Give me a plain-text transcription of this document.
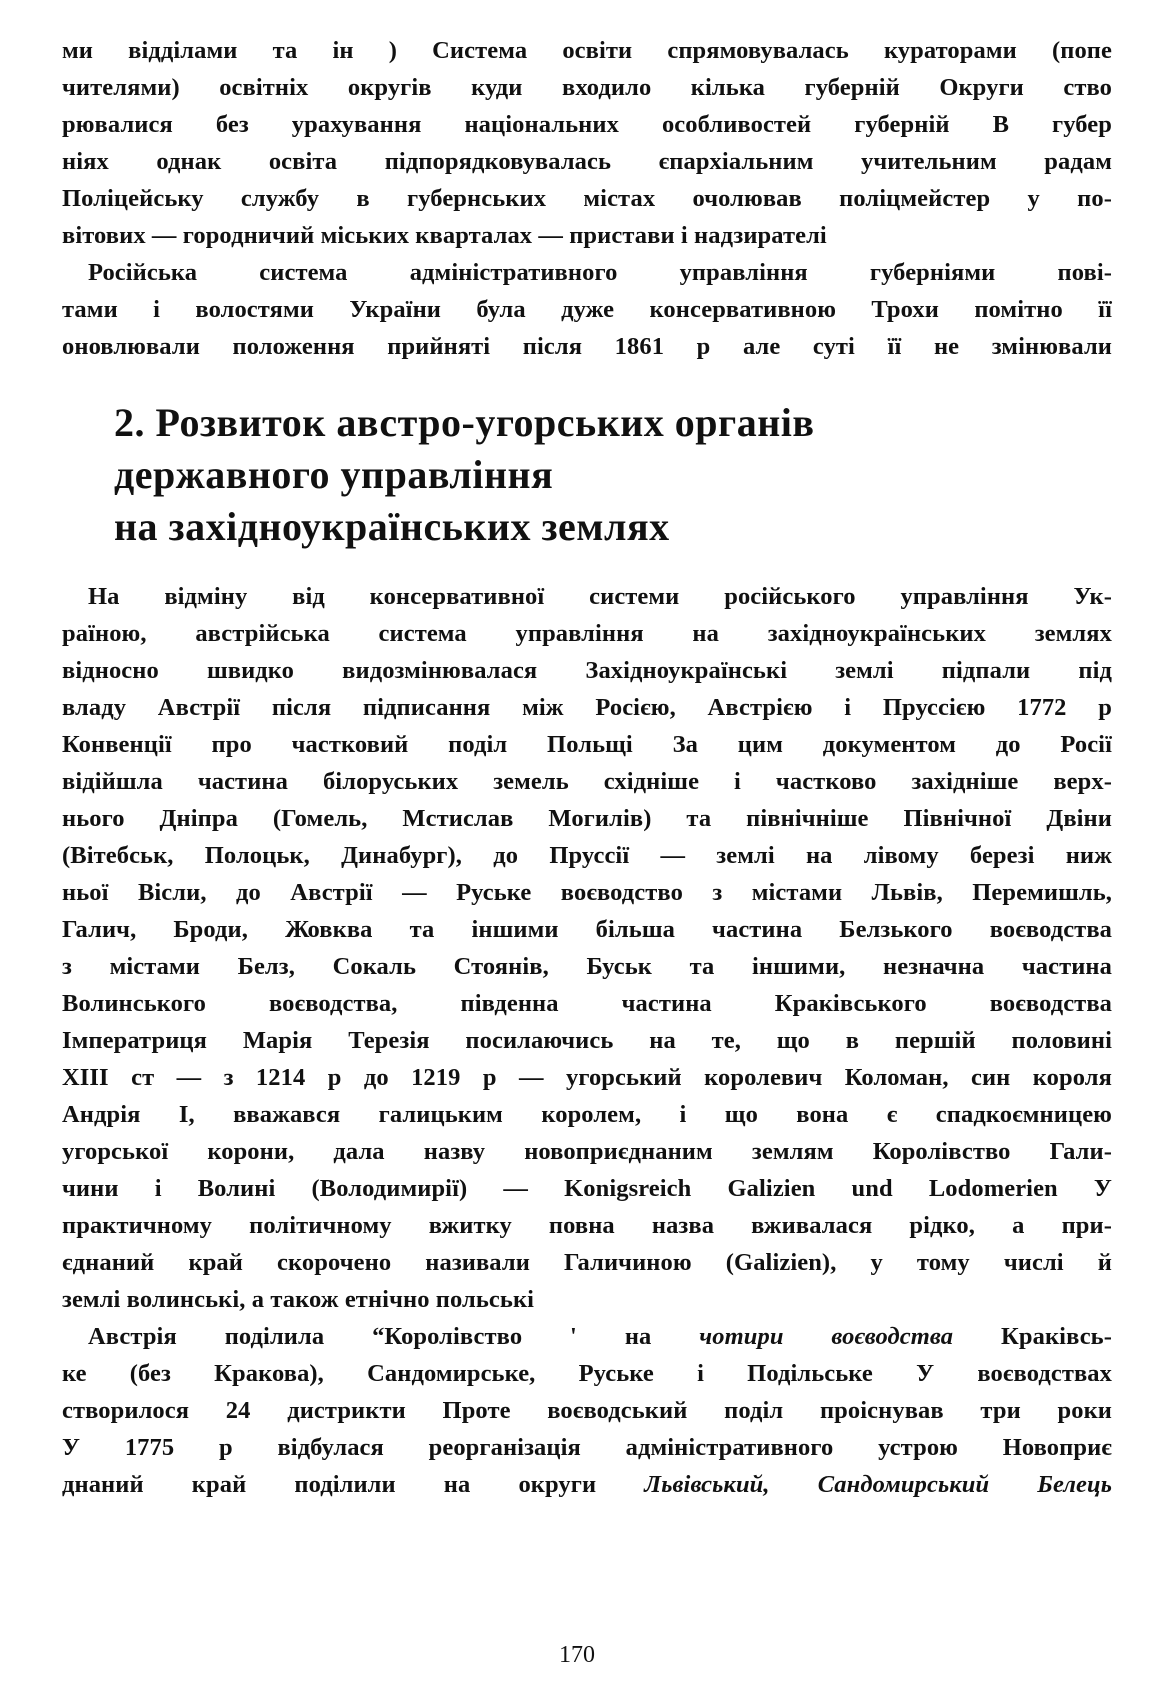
ми відділами та ін ) Система освіти спрямовувалась кураторами (попе
чителями) освітніх округів куди входило кілька губерній Округи ство
рювалися без урахування національних особливостей губерній В губер
ніях однак освіта підпорядковувалась єпархіальним учительним радам
Поліцейську службу в губернських містах очолював поліцмейстер у по-
вітових — городничий міських кварталах — пристави і надзирателі
Російська система адміністративного управління губерніями пові-
тами і волостями України була дуже консервативною Трохи помітно її
оновлювали положення прийняті після 1861 р але суті її не змінювали
2. Розвиток австро-угорських органів
державного управління
на західноукраїнських землях
На відміну від консервативної системи російського управління Ук-
раїною, австрійська система управління на західноукраїнських землях
відносно швидко видозмінювалася Західноукраїнські землі підпали під
владу Австрії після підписання між Росією, Австрією і Пруссією 1772 р
Конвенції про частковий поділ Польщі За цим документом до Росії
відійшла частина білоруських земель східніше і частково західніше верх-
нього Дніпра (Гомель, Мстислав Могилів) та північніше Північної Двіни
(Вітебськ, Полоцьк, Динабург), до Пруссії — землі на лівому березі ниж
ньої Вісли, до Австрії — Руське воєводство з містами Львів, Перемишль,
Галич, Броди, Жовква та іншими більша частина Белзького воєводства
з містами Белз, Сокаль Стоянів, Буськ та іншими, незначна частина
Волинського воєводства, південна частина Краківського воєводства
Імператриця Марія Терезія посилаючись на те, що в першій половині
XIII ст — з 1214 р до 1219 р — угорський королевич Коломан, син короля
Андрія І, вважався галицьким королем, і що вона є спадкоємницею
угорської корони, дала назву новоприєднаним землям Королівство Гали-
чини і Волині (Володимирії) — Konigsreich Galizien und Lodomerien У
практичному політичному вжитку повна назва вживалася рідко, а при-
єднаний край скорочено називали Галичиною (Galizien), у тому числі й
землі волинські, а також етнічно польські
Австрія поділила “Королівство ' на чотири воєводства Краківсь-
ке (без Кракова), Сандомирське, Руське і Подільське У воєводствах
створилося 24 дистрикти Проте воєводський поділ проіснував три роки
У 1775 р відбулася реорганізація адміністративного устрою Новоприє
днаний край поділили на округи Львівський, Сандомирський Белець
170
